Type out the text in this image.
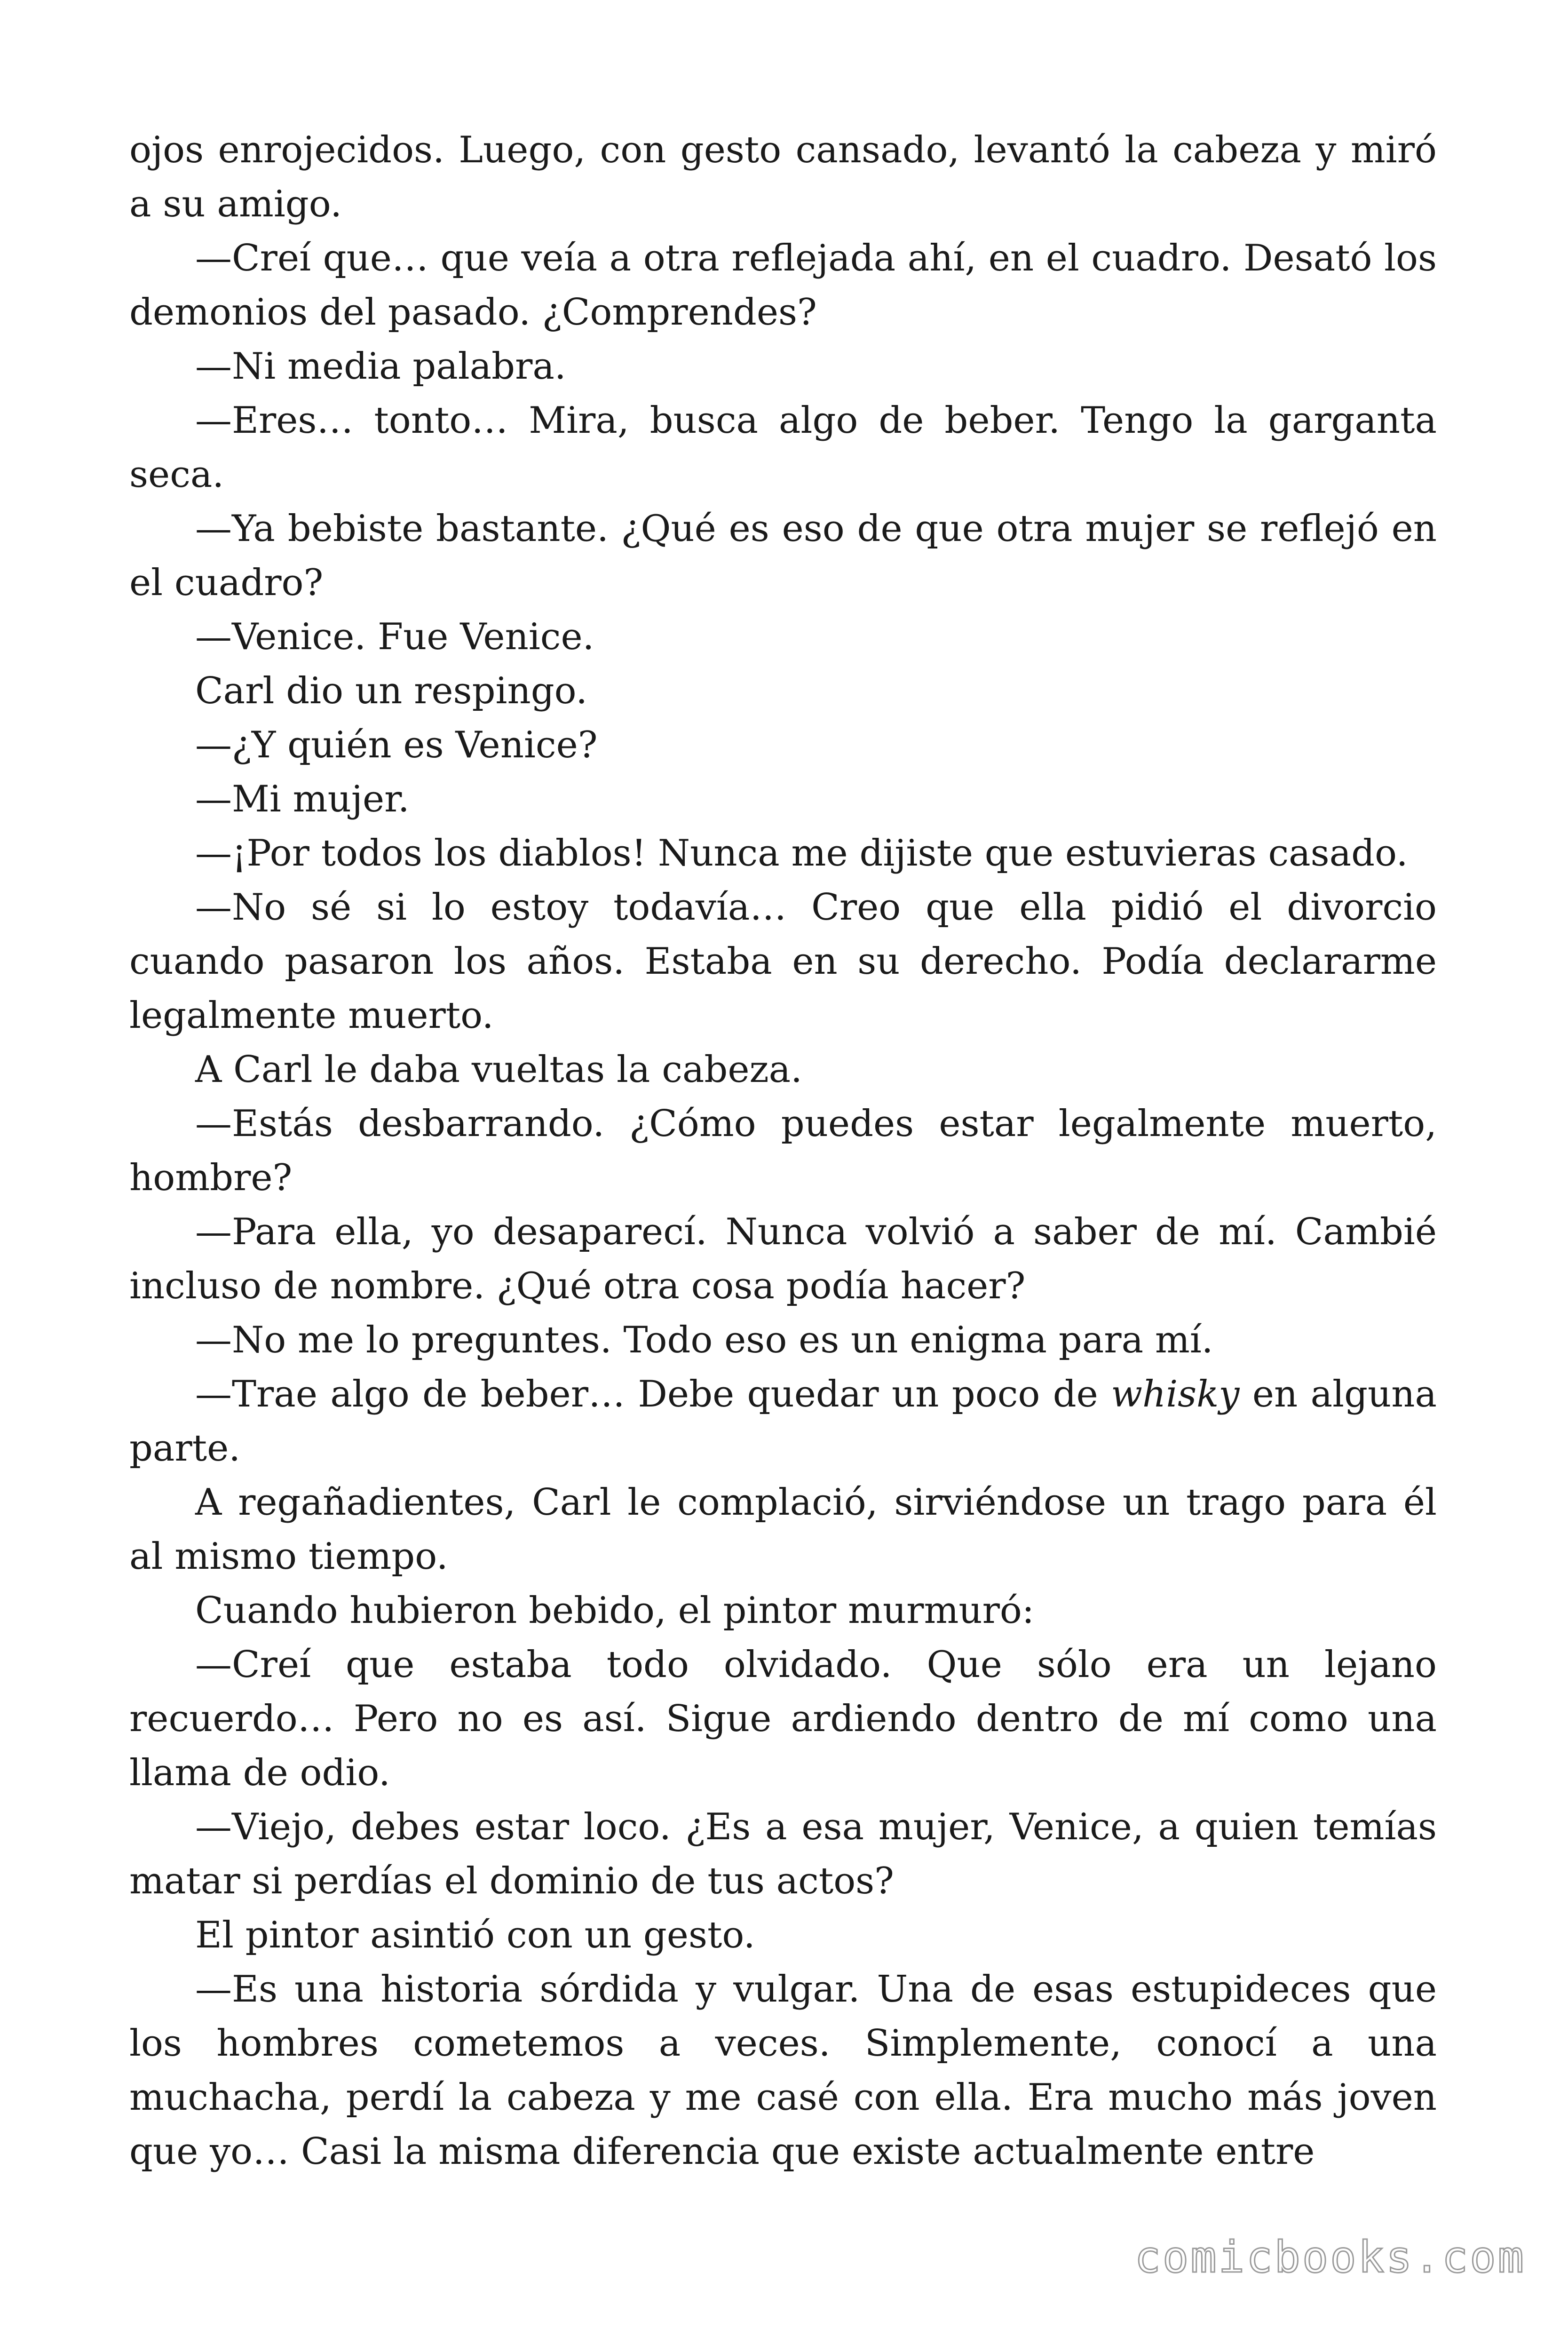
ojos enrojecidos. Luego, con gesto cansado, levantó la cabeza y miró a su amigo.

—Creí que… que veía a otra reflejada ahí, en el cuadro. Desató los demonios del pasado. ¿Comprendes?

—Ni media palabra.

—Eres… tonto… Mira, busca algo de beber. Tengo la garganta seca.

—Ya bebiste bastante. ¿Qué es eso de que otra mujer se reflejó en el cuadro?

—Venice. Fue Venice.

Carl dio un respingo.

—¿Y quién es Venice?

—Mi mujer.

—¡Por todos los diablos! Nunca me dijiste que estuvieras casado.

—No sé si lo estoy todavía… Creo que ella pidió el divorcio cuando pasaron los años. Estaba en su derecho. Podía declararme legalmente muerto.

A Carl le daba vueltas la cabeza.

—Estás desbarrando. ¿Cómo puedes estar legalmente muerto, hombre?

—Para ella, yo desaparecí. Nunca volvió a saber de mí. Cambié incluso de nombre. ¿Qué otra cosa podía hacer?

—No me lo preguntes. Todo eso es un enigma para mí.

—Trae algo de beber… Debe quedar un poco de whisky en alguna parte.

A regañadientes, Carl le complació, sirviéndose un trago para él al mismo tiempo.

Cuando hubieron bebido, el pintor murmuró:

—Creí que estaba todo olvidado. Que sólo era un lejano recuerdo… Pero no es así. Sigue ardiendo dentro de mí como una llama de odio.

—Viejo, debes estar loco. ¿Es a esa mujer, Venice, a quien temías matar si perdías el dominio de tus actos?

El pintor asintió con un gesto.

—Es una historia sórdida y vulgar. Una de esas estupideces que los hombres cometemos a veces. Simplemente, conocí a una muchacha, perdí la cabeza y me casé con ella. Era mucho más joven que yo… Casi la misma diferencia que existe actualmente entre

comicbooks.com
